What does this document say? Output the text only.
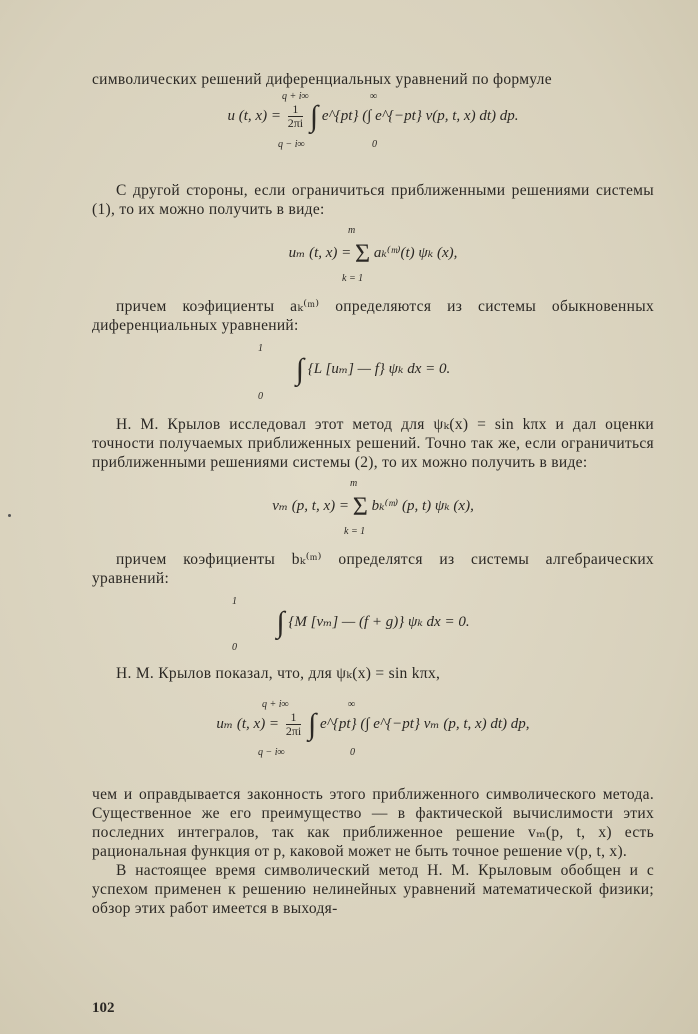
символических решений диференциальных уравнений по формуле

q + i∞	∞
u (t, $x) = \frac{1}{2\pi i}$ ∫ e^{pt} (∫ e^{−pt} v(p, t, x) dt) dp.
q − i∞	0

С другой стороны, если ограничиться приближенными решениями системы (1), то их можно получить в виде:

m
uₘ (t, x) = Σ aₖ⁽ᵐ⁾(t) ψₖ (x),
k = 1

причем коэфициенты aₖ⁽ᵐ⁾ определяются из системы обыкновенных диференциальных уравнений:

1
∫ {L [uₘ] — f} ψₖ dx = 0.
0

Н. М. Крылов исследовал этот метод для ψₖ(x) = sin kπx и дал оценки точности получаемых приближенных решений. Точно так же, если ограничиться приближенными решениями системы (2), то их можно получить в виде:

m
vₘ (p, t, x) = Σ bₖ⁽ᵐ⁾ (p, t) ψₖ (x),
k = 1

причем коэфициенты bₖ⁽ᵐ⁾ определятся из системы алгебраических уравнений:

1
∫ {M [vₘ] — (f + g)} ψₖ dx = 0.
0

Н. М. Крылов показал, что, для ψₖ(x) = sin kπx,

q + i∞	∞
uₘ (t, $x) = \frac{1}{2\pi i}$ ∫ e^{pt} (∫ e^{−pt} vₘ (p, t, x) dt) dp,
q − i∞	0

чем и оправдывается законность этого приближенного символического метода. Существенное же его преимущество — в фактической вычислимости этих последних интегралов, так как приближенное решение vₘ(p, t, x) есть рациональная функция от p, каковой может не быть точное решение v(p, t, x).

В настоящее время символический метод Н. М. Крыловым обобщен и с успехом применен к решению нелинейных уравнений математической физики; обзор этих работ имеется в выходя-

102
